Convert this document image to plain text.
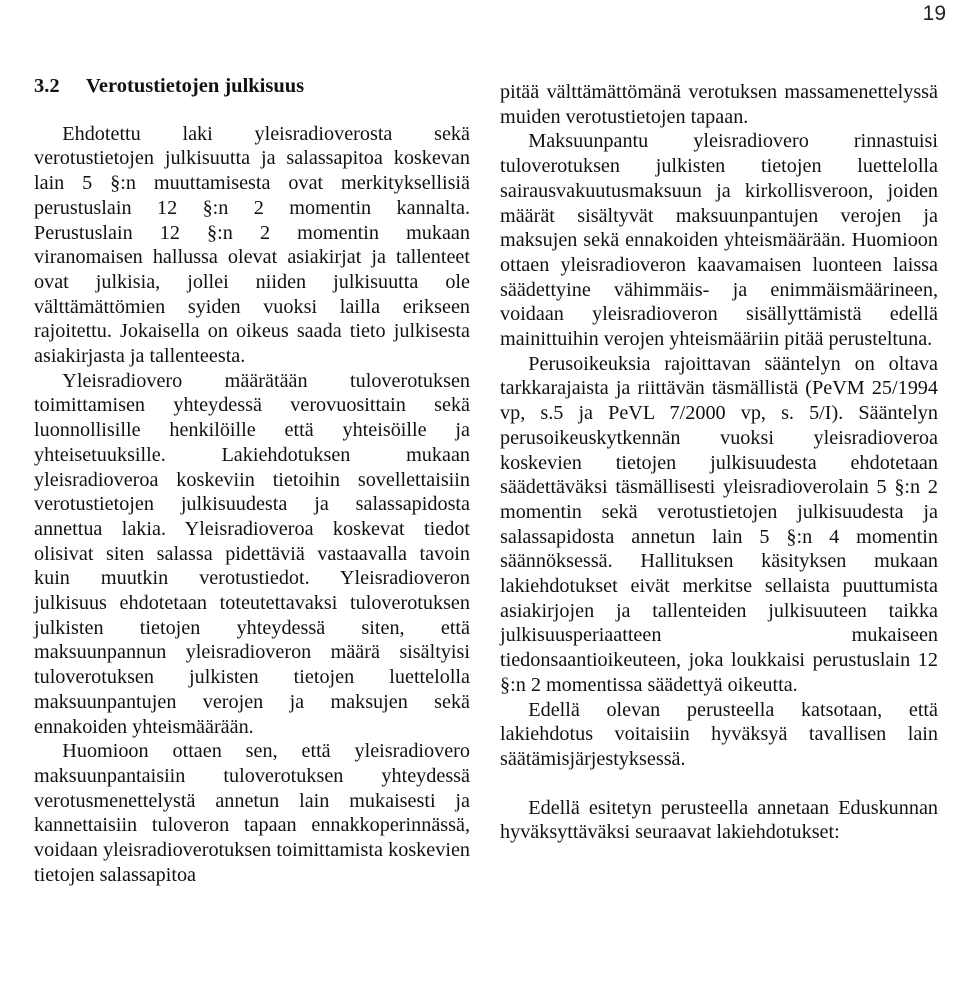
19
3.2	Verotustietojen julkisuus

Ehdotettu laki yleisradioverosta sekä verotustietojen julkisuutta ja salassapitoa koskevan lain 5 §:n muuttamisesta ovat merkityksellisiä perustuslain 12 §:n 2 momentin kannalta. Perustuslain 12 §:n 2 momentin mukaan viranomaisen hallussa olevat asiakirjat ja tallenteet ovat julkisia, jollei niiden julkisuutta ole välttämättömien syiden vuoksi lailla erikseen rajoitettu. Jokaisella on oikeus saada tieto julkisesta asiakirjasta ja tallenteesta.

Yleisradiovero määrätään tuloverotuksen toimittamisen yhteydessä verovuosittain sekä luonnollisille henkilöille että yhteisöille ja yhteisetuuksille. Lakiehdotuksen mukaan yleisradioveroa koskeviin tietoihin sovellettaisiin verotustietojen julkisuudesta ja salassapidosta annettua lakia. Yleisradioveroa koskevat tiedot olisivat siten salassa pidettäviä vastaavalla tavoin kuin muutkin verotustiedot. Yleisradioveron julkisuus ehdotetaan toteutettavaksi tuloverotuksen julkisten tietojen yhteydessä siten, että maksuunpannun yleisradioveron määrä sisältyisi tuloverotuksen julkisten tietojen luettelolla maksuunpantujen verojen ja maksujen sekä ennakoiden yhteismäärään.

Huomioon ottaen sen, että yleisradiovero maksuunpantaisiin tuloverotuksen yhteydessä verotusmenettelystä annetun lain mukaisesti ja kannettaisiin tuloveron tapaan ennakkoperinnässä, voidaan yleisradioverotuksen toimittamista koskevien tietojen salassapitoa

pitää välttämättömänä verotuksen massamenettelyssä muiden verotustietojen tapaan.

Maksuunpantu yleisradiovero rinnastuisi tuloverotuksen julkisten tietojen luettelolla sairausvakuutusmaksuun ja kirkollisveroon, joiden määrät sisältyvät maksuunpantujen verojen ja maksujen sekä ennakoiden yhteismäärään. Huomioon ottaen yleisradioveron kaavamaisen luonteen laissa säädettyine vähimmäis- ja enimmäismäärineen, voidaan yleisradioveron sisällyttämistä edellä mainittuihin verojen yhteismääriin pitää perusteltuna.

Perusoikeuksia rajoittavan sääntelyn on oltava tarkkarajaista ja riittävän täsmällistä (PeVM 25/1994 vp, s.5 ja PeVL 7/2000 vp, s. 5/I). Sääntelyn perusoikeuskytkennän vuoksi yleisradioveroa koskevien tietojen julkisuudesta ehdotetaan säädettäväksi täsmällisesti yleisradioverolain 5 §:n 2 momentin sekä verotustietojen julkisuudesta ja salassapidosta annetun lain 5 §:n 4 momentin säännöksessä. Hallituksen käsityksen mukaan lakiehdotukset eivät merkitse sellaista puuttumista asiakirjojen ja tallenteiden julkisuuteen taikka julkisuusperiaatteen mukaiseen tiedonsaantioikeuteen, joka loukkaisi perustuslain 12 §:n 2 momentissa säädettyä oikeutta.

Edellä olevan perusteella katsotaan, että lakiehdotus voitaisiin hyväksyä tavallisen lain säätämisjärjestyksessä.

Edellä esitetyn perusteella annetaan Eduskunnan hyväksyttäväksi seuraavat lakiehdotukset:
